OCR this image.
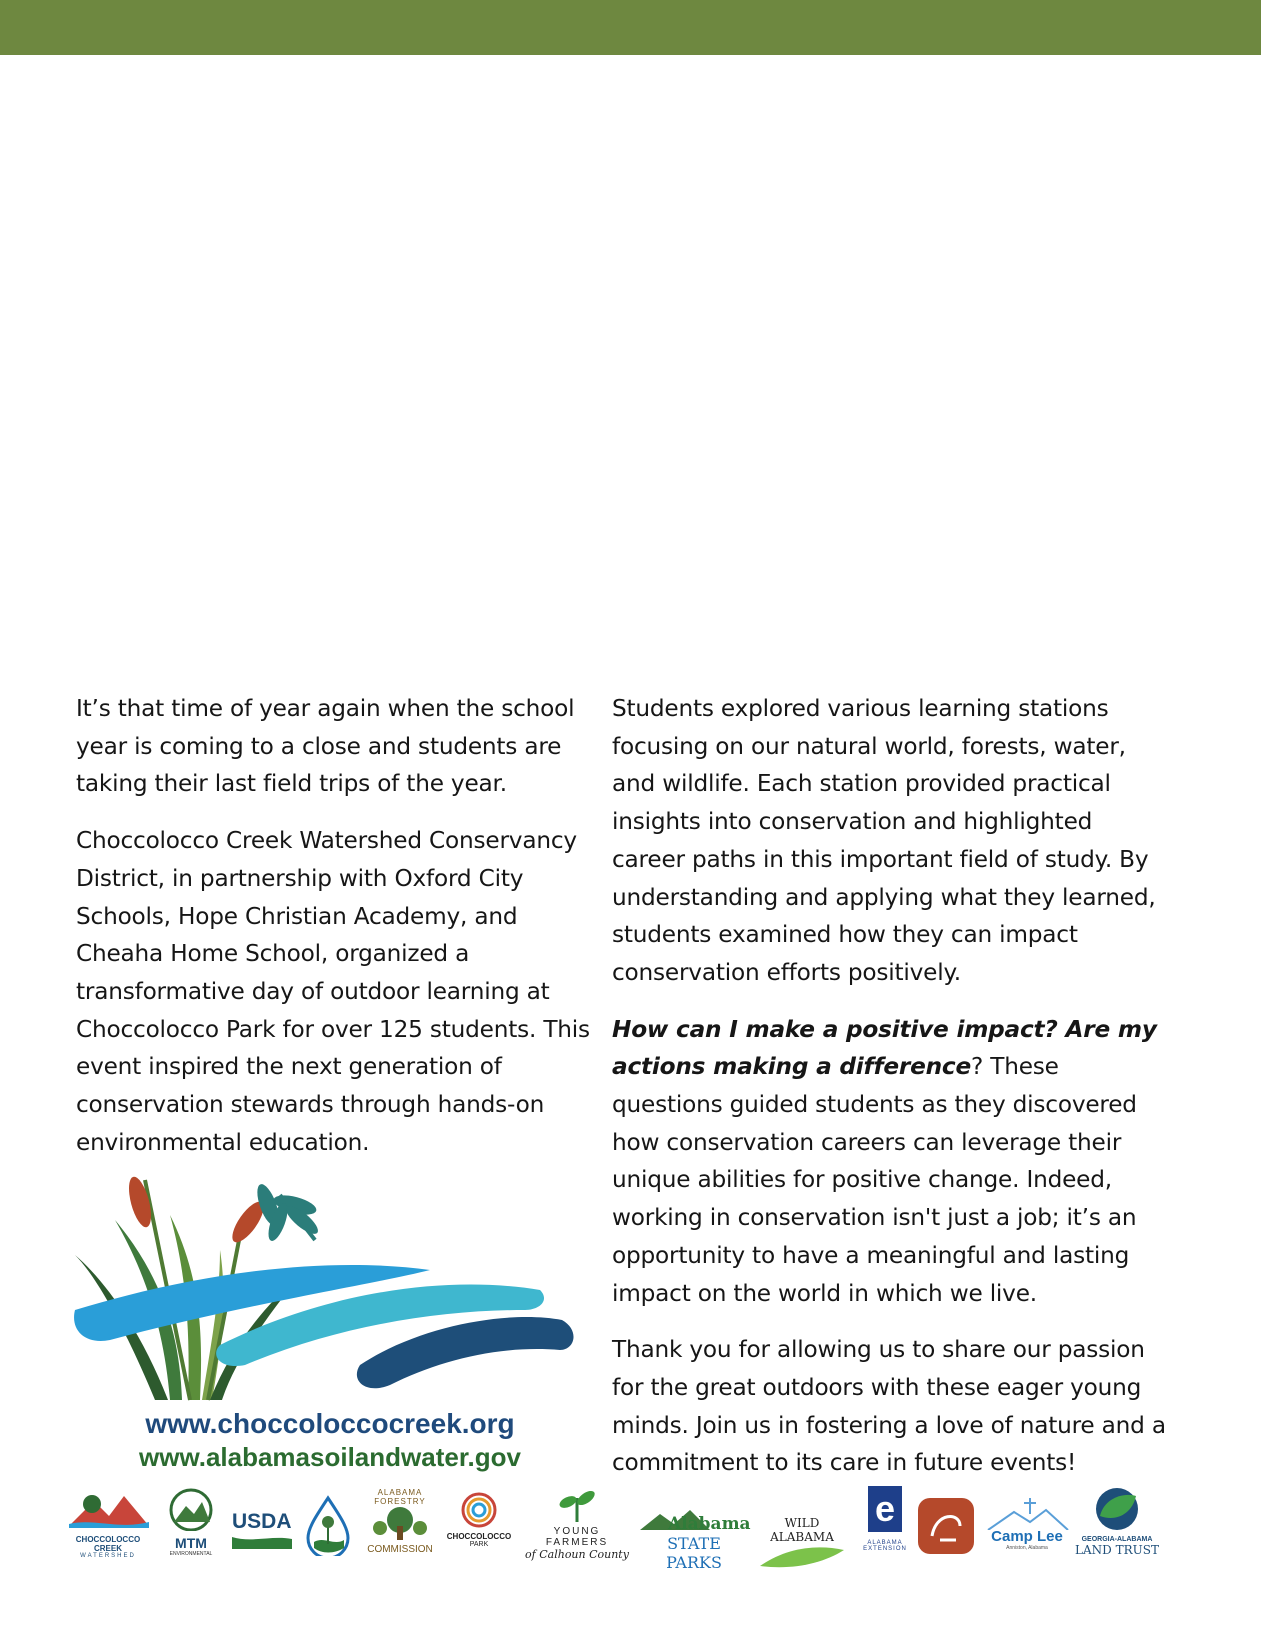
It’s that time of year again when the school year is coming to a close and students are taking their last field trips of the year.

Choccolocco Creek Watershed Conservancy District, in partnership with Oxford City Schools, Hope Christian Academy, and Cheaha Home School, organized a transformative day of outdoor learning at Choccolocco Park for over 125 students. This event inspired the next generation of conservation stewards through hands-on environmental education.

Students explored various learning stations focusing on our natural world, forests, water, and wildlife. Each station provided practical insights into conservation and highlighted career paths in this important field of study. By understanding and applying what they learned, students examined how they can impact conservation efforts positively.

How can I make a positive impact? Are my actions making a difference? These questions guided students as they discovered how conservation careers can leverage their unique abilities for positive change. Indeed, working in conservation isn't just a job; it’s an opportunity to have a meaningful and lasting impact on the world in which we live.

Thank you for allowing us to share our passion for the great outdoors with these eager young minds. Join us in fostering a love of nature and a commitment to its care in future events!

www.choccoloccocreek.org
www.alabamasoilandwater.gov
CHOCCOLOCCO CREEK
WATERSHED
MTM
ENVIRONMENTAL
USDA
ALABAMA FORESTRY
COMMISSION
CHOCCOLOCCO
PARK
YOUNG FARMERS
of Calhoun County
Alabama
STATE PARKS
WILD ALABAMA
e
ALABAMA
EXTENSION
Camp Lee
Anniston, Alabama
GEORGIA-ALABAMA
LAND TRUST
